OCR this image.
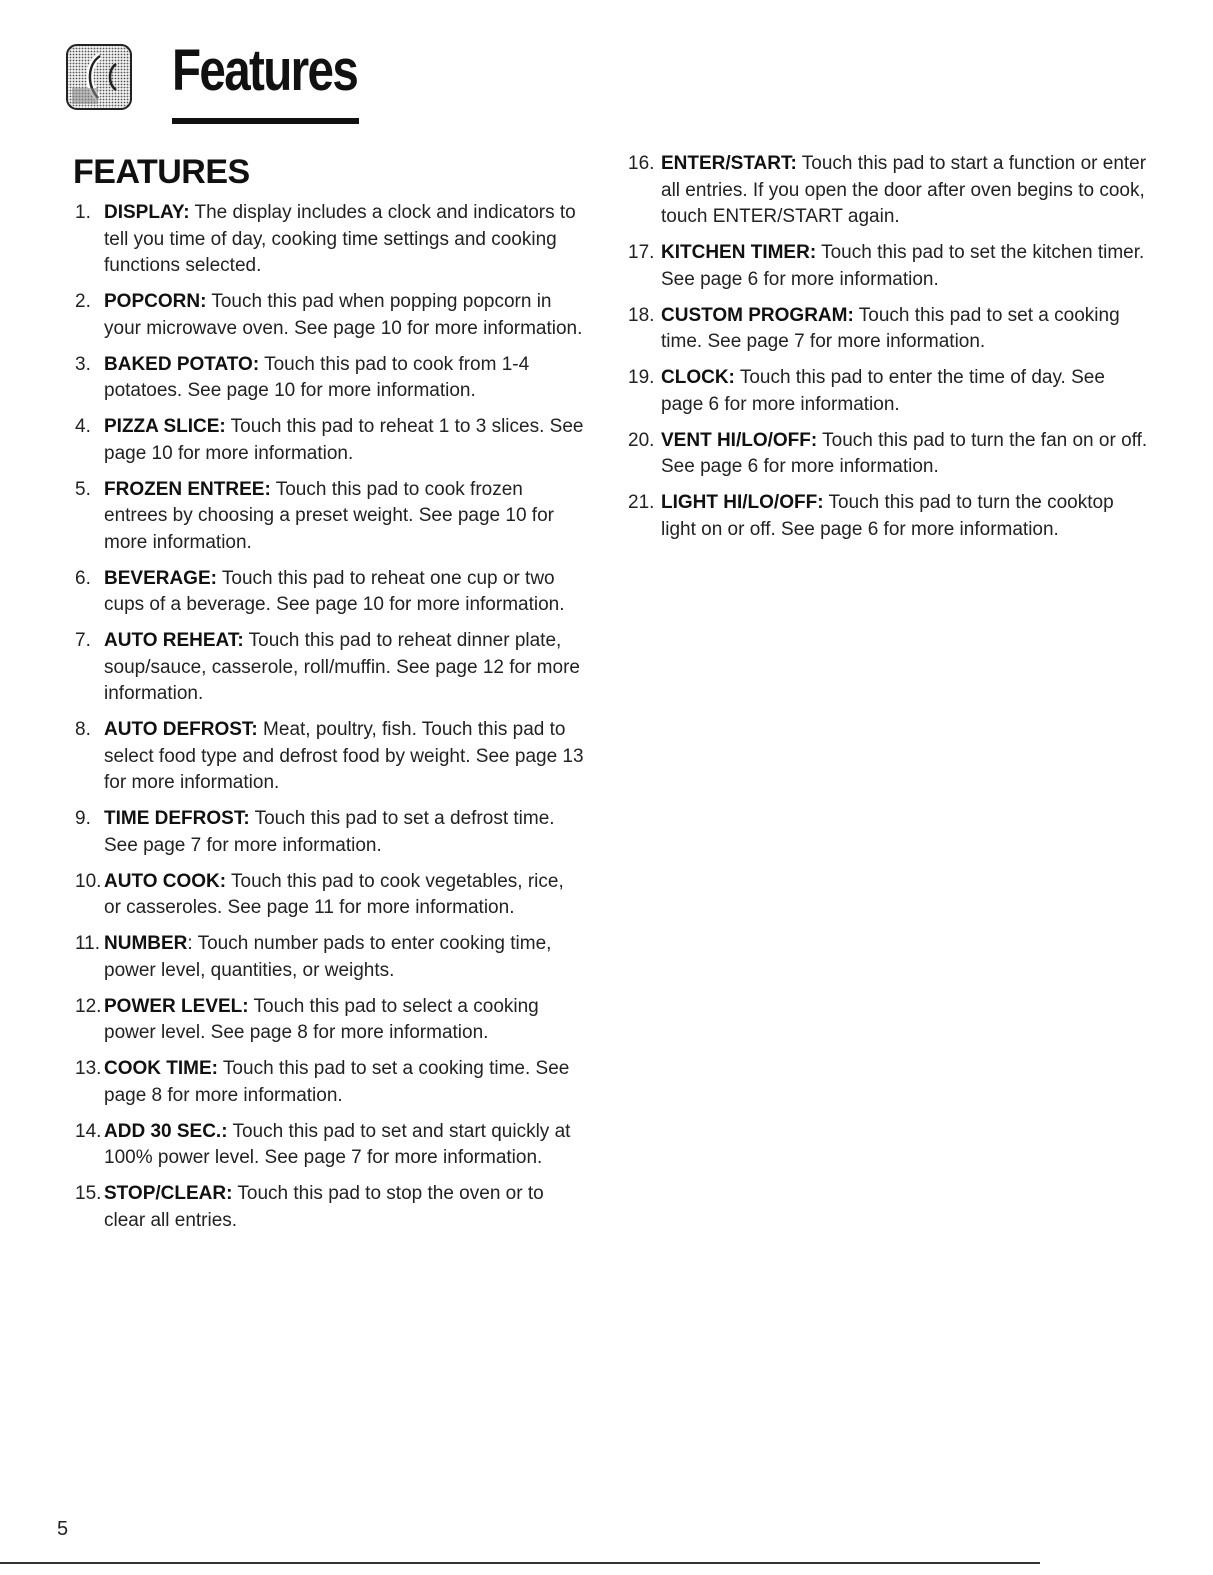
Features
FEATURES
1. DISPLAY: The display includes a clock and indicators to tell you time of day, cooking time settings and cooking functions selected.
2. POPCORN: Touch this pad when popping popcorn in your microwave oven. See page 10 for more information.
3. BAKED POTATO: Touch this pad to cook from 1-4 potatoes. See page 10 for more information.
4. PIZZA SLICE: Touch this pad to reheat 1 to 3 slices. See page 10 for more information.
5. FROZEN ENTREE: Touch this pad to cook frozen entrees by choosing a preset weight. See page 10 for more information.
6. BEVERAGE: Touch this pad to reheat one cup or two cups of a beverage. See page 10 for more information.
7. AUTO REHEAT: Touch this pad to reheat dinner plate, soup/sauce, casserole, roll/muffin. See page 12 for more information.
8. AUTO DEFROST: Meat, poultry, fish. Touch this pad to select food type and defrost food by weight. See page 13 for more information.
9. TIME DEFROST: Touch this pad to set a defrost time. See page 7 for more information.
10. AUTO COOK: Touch this pad to cook vegetables, rice, or casseroles. See page 11 for more information.
11. NUMBER: Touch number pads to enter cooking time, power level, quantities, or weights.
12. POWER LEVEL: Touch this pad to select a cooking power level. See page 8 for more information.
13. COOK TIME: Touch this pad to set a cooking time. See page 8 for more information.
14. ADD 30 SEC.: Touch this pad to set and start quickly at 100% power level. See page 7 for more information.
15. STOP/CLEAR: Touch this pad to stop the oven or to clear all entries.
16. ENTER/START: Touch this pad to start a function or enter all entries. If you open the door after oven begins to cook, touch ENTER/START again.
17. KITCHEN TIMER: Touch this pad to set the kitchen timer. See page 6 for more information.
18. CUSTOM PROGRAM: Touch this pad to set a cooking time. See page 7 for more information.
19. CLOCK: Touch this pad to enter the time of day. See page 6 for more information.
20. VENT HI/LO/OFF: Touch this pad to turn the fan on or off. See page 6 for more information.
21. LIGHT HI/LO/OFF: Touch this pad to turn the cooktop light on or off. See page 6 for more information.
5
